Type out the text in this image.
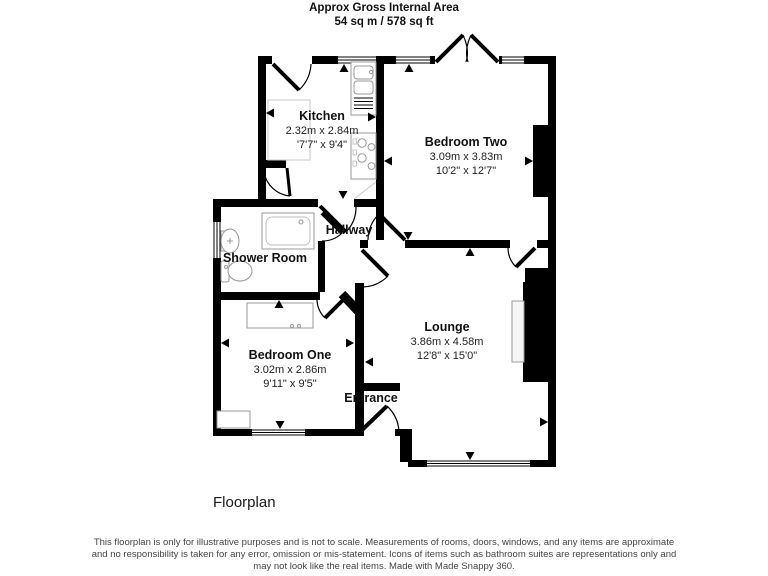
Approx Gross Internal Area
54 sq m / 578 sq ft
Kitchen
2.32m x 2.84m
'7'7" x 9'4"	Bedroom Two
3.09m x 3.83m
10'2" x 12'7"
Shower Room
Hallway
Bedroom One
3.02m x 2.86m
9'11" x 9'5"
Lounge
3.86m x 4.58m
12'8" x 15'0"
Entrance
Floorplan
This floorplan is only for illustrative purposes and is not to scale. Measurements of rooms, doors, windows, and any items are approximate
and no responsibility is taken for any error, omission or mis-statement. Icons of items such as bathroom suites are representations only and
may not look like the real items. Made with Made Snappy 360.
